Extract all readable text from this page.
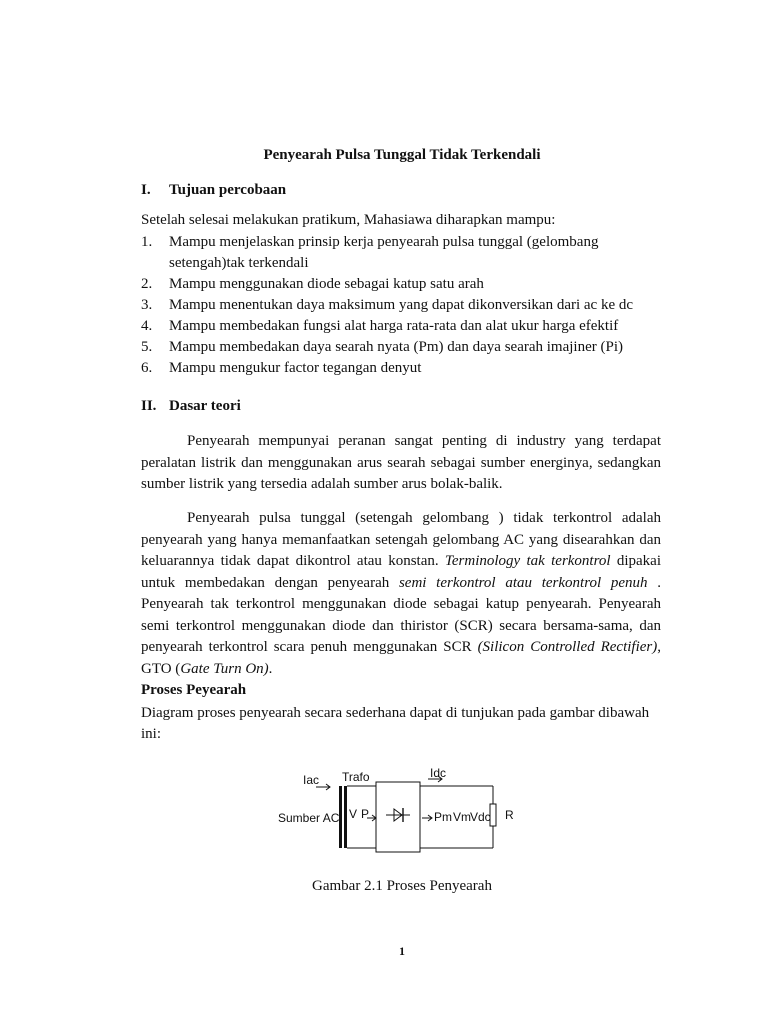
Penyearah Pulsa Tunggal Tidak Terkendali
I. Tujuan percobaan
Setelah selesai melakukan pratikum, Mahasiawa diharapkan mampu:
1. Mampu menjelaskan prinsip kerja penyearah pulsa tunggal (gelombang setengah)tak terkendali
2. Mampu menggunakan diode sebagai katup satu arah
3. Mampu menentukan daya maksimum yang dapat dikonversikan dari ac ke dc
4. Mampu membedakan fungsi alat harga rata-rata dan alat ukur harga efektif
5. Mampu membedakan daya searah nyata (Pm) dan daya searah imajiner (Pi)
6. Mampu mengukur factor tegangan denyut
II. Dasar teori
Penyearah mempunyai peranan sangat penting di industry yang terdapat peralatan listrik dan menggunakan arus searah sebagai sumber energinya, sedangkan sumber listrik yang tersedia adalah sumber arus bolak-balik.
Penyearah pulsa tunggal (setengah gelombang ) tidak terkontrol adalah penyearah yang hanya memanfaatkan setengah gelombang AC yang disearahkan dan keluarannya tidak dapat dikontrol atau konstan. Terminology tak terkontrol dipakai untuk membedakan dengan penyearah semi terkontrol atau terkontrol penuh . Penyearah tak terkontrol menggunakan diode sebagai katup penyearah. Penyearah semi terkontrol menggunakan diode dan thiristor (SCR) secara bersama-sama, dan penyearah terkontrol scara penuh menggunakan SCR (Silicon Controlled Rectifier), GTO (Gate Turn On).
Proses Peyearah
Diagram proses penyearah secara sederhana dapat di tunjukan pada gambar dibawah ini:
Iac Trafo	Idc
Sumber AC V P	Pm Vm Vdc R
Gambar 2.1 Proses Penyearah
1
